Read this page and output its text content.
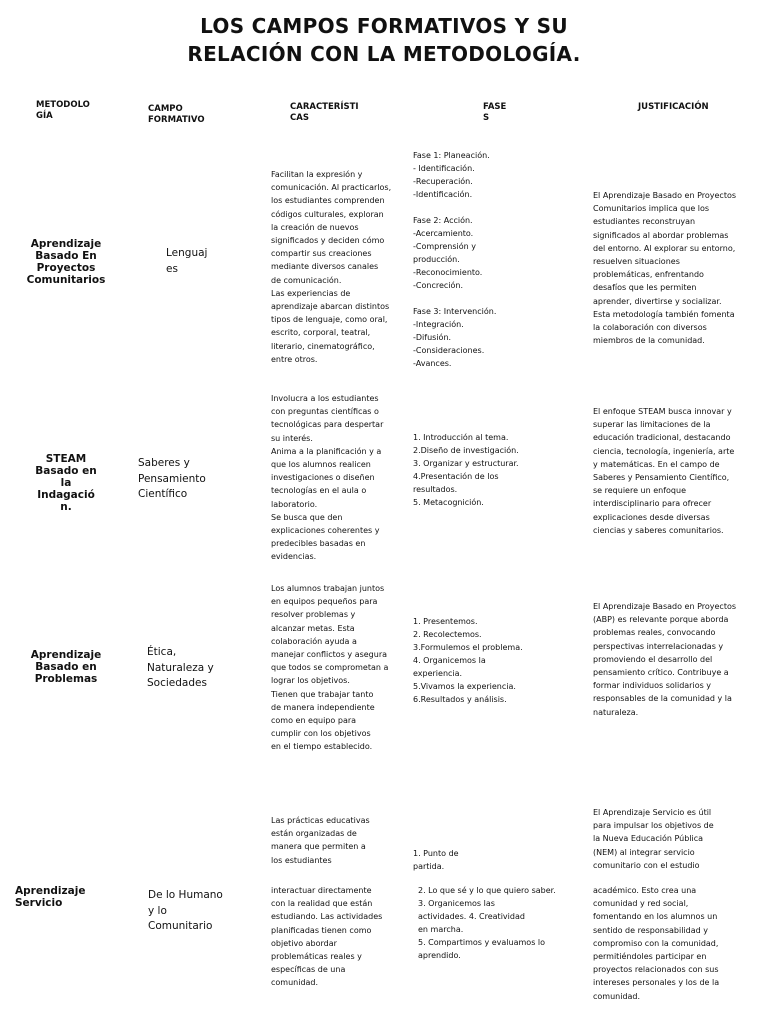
LOS CAMPOS FORMATIVOS Y SU
RELACIÓN CON LA METODOLOGÍA.
METODOLO
GÍA
CAMPO
FORMATIVO
CARACTERÍSTI
CAS
FASE
S
JUSTIFICACIÓN
Aprendizaje
Basado En
Proyectos
Comunitarios
Lenguaj
es
Facilitan la expresión y
comunicación. Al practicarlos,
los estudiantes comprenden
códigos culturales, exploran
la creación de nuevos
significados y deciden cómo
compartir sus creaciones
mediante diversos canales
de comunicación.
Las experiencias de
aprendizaje abarcan distintos
tipos de lenguaje, como oral,
escrito, corporal, teatral,
literario, cinematográfico,
entre otros.
Fase 1: Planeación.
- Identificación.
-Recuperación.
-Identificación.

Fase 2: Acción.
-Acercamiento.
-Comprensión y
producción.
-Reconocimiento.
-Concreción.

Fase 3: Intervención.
-Integración.
-Difusión.
-Consideraciones.
-Avances.
El Aprendizaje Basado en Proyectos
Comunitarios implica que los
estudiantes reconstruyan
significados al abordar problemas
del entorno. Al explorar su entorno,
resuelven situaciones
problemáticas, enfrentando
desafíos que les permiten
aprender, divertirse y socializar.
Esta metodología también fomenta
la colaboración con diversos
miembros de la comunidad.
STEAM
Basado en
la
Indagació
n.
Saberes y
Pensamiento
Científico
Involucra a los estudiantes
con preguntas científicas o
tecnológicas para despertar
su interés.
Anima a la planificación y a
que los alumnos realicen
investigaciones o diseñen
tecnologías en el aula o
laboratorio.
Se busca que den
explicaciones coherentes y
predecibles basadas en
evidencias.
1. Introducción al tema.
2.Diseño de investigación.
3. Organizar y estructurar.
4.Presentación de los
resultados.
5. Metacognición.
El enfoque STEAM busca innovar y
superar las limitaciones de la
educación tradicional, destacando
ciencia, tecnología, ingeniería, arte
y matemáticas. En el campo de
Saberes y Pensamiento Científico,
se requiere un enfoque
interdisciplinario para ofrecer
explicaciones desde diversas
ciencias y saberes comunitarios.
Aprendizaje
Basado en
Problemas
Ética,
Naturaleza y
Sociedades
Los alumnos trabajan juntos
en equipos pequeños para
resolver problemas y
alcanzar metas. Esta
colaboración ayuda a
manejar conflictos y asegura
que todos se comprometan a
lograr los objetivos.
Tienen que trabajar tanto
de manera independiente
como en equipo para
cumplir con los objetivos
en el tiempo establecido.
1. Presentemos.
2. Recolectemos.
3.Formulemos el problema.
4. Organicemos la
experiencia.
5.Vivamos la experiencia.
6.Resultados y análisis.
El Aprendizaje Basado en Proyectos
(ABP) es relevante porque aborda
problemas reales, convocando
perspectivas interrelacionadas y
promoviendo el desarrollo del
pensamiento crítico. Contribuye a
formar individuos solidarios y
responsables de la comunidad y la
naturaleza.
Aprendizaje
Servicio
De lo Humano
y lo
Comunitario
Las prácticas educativas
están organizadas de
manera que permiten a
los estudiantes
interactuar directamente
con la realidad que están
estudiando. Las actividades
planificadas tienen como
objetivo abordar
problemáticas reales y
específicas de una
comunidad.
1. Punto de
partida.
2. Lo que sé y lo que quiero saber.
3. Organicemos las
actividades. 4. Creatividad
en marcha.
5. Compartimos y evaluamos lo
aprendido.
El Aprendizaje Servicio es útil
para impulsar los objetivos de
la Nueva Educación Pública
(NEM) al integrar servicio
comunitario con el estudio
académico. Esto crea una
comunidad y red social,
fomentando en los alumnos un
sentido de responsabilidad y
compromiso con la comunidad,
permitiéndoles participar en
proyectos relacionados con sus
intereses personales y los de la
comunidad.
